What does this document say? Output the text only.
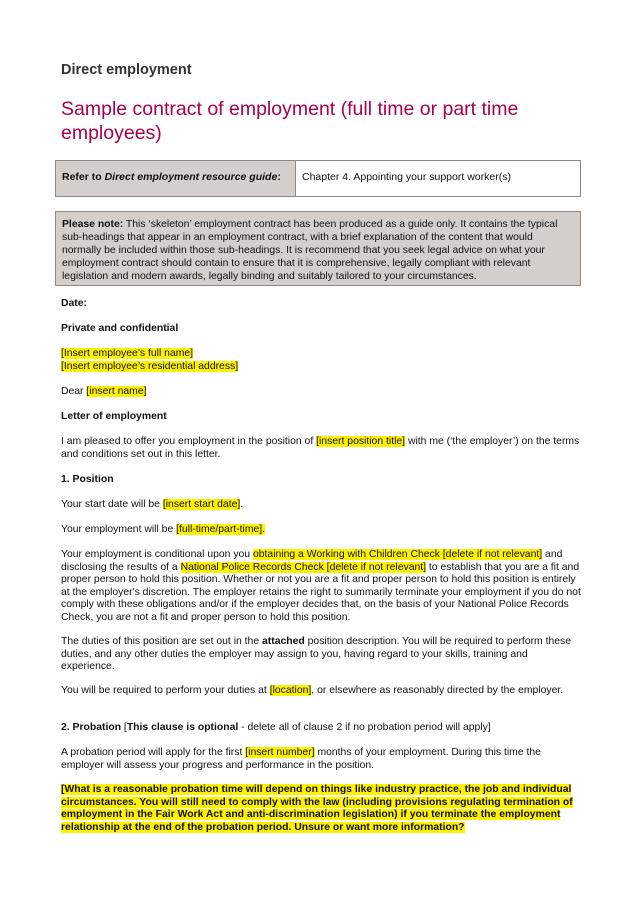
Direct employment
Sample contract of employment (full time or part time employees)
Refer to Direct employment resource guide:	Chapter 4. Appointing your support worker(s)
Please note: This ‘skeleton’ employment contract has been produced as a guide only. It contains the typical sub-headings that appear in an employment contract, with a brief explanation of the content that would normally be included within those sub-headings. It is recommend that you seek legal advice on what your employment contract should contain to ensure that it is comprehensive, legally compliant with relevant legislation and modern awards, legally binding and suitably tailored to your circumstances.

Date:

Private and confidential

[Insert employee’s full name]
[Insert employee’s residential address]

Dear [insert name]

Letter of employment

I am pleased to offer you employment in the position of [insert position title] with me (‘the employer’) on the terms and conditions set out in this letter.

1. Position

Your start date will be [insert start date].

Your employment will be [full-time/part-time].

Your employment is conditional upon you obtaining a Working with Children Check [delete if not relevant] and disclosing the results of a National Police Records Check [delete if not relevant] to establish that you are a fit and proper person to hold this position. Whether or not you are a fit and proper person to hold this position is entirely at the employer's discretion. The employer retains the right to summarily terminate your employment if you do not comply with these obligations and/or if the employer decides that, on the basis of your National Police Records Check, you are not a fit and proper person to hold this position.

The duties of this position are set out in the attached position description. You will be required to perform these duties, and any other duties the employer may assign to you, having regard to your skills, training and experience.

You will be required to perform your duties at [location], or elsewhere as reasonably directed by the employer.

2. Probation [This clause is optional - delete all of clause 2 if no probation period will apply]

A probation period will apply for the first [insert number] months of your employment. During this time the employer will assess your progress and performance in the position.

[What is a reasonable probation time will depend on things like industry practice, the job and individual circumstances. You will still need to comply with the law (including provisions regulating termination of employment in the Fair Work Act and anti-discrimination legislation) if you terminate the employment relationship at the end of the probation period. Unsure or want more information?
